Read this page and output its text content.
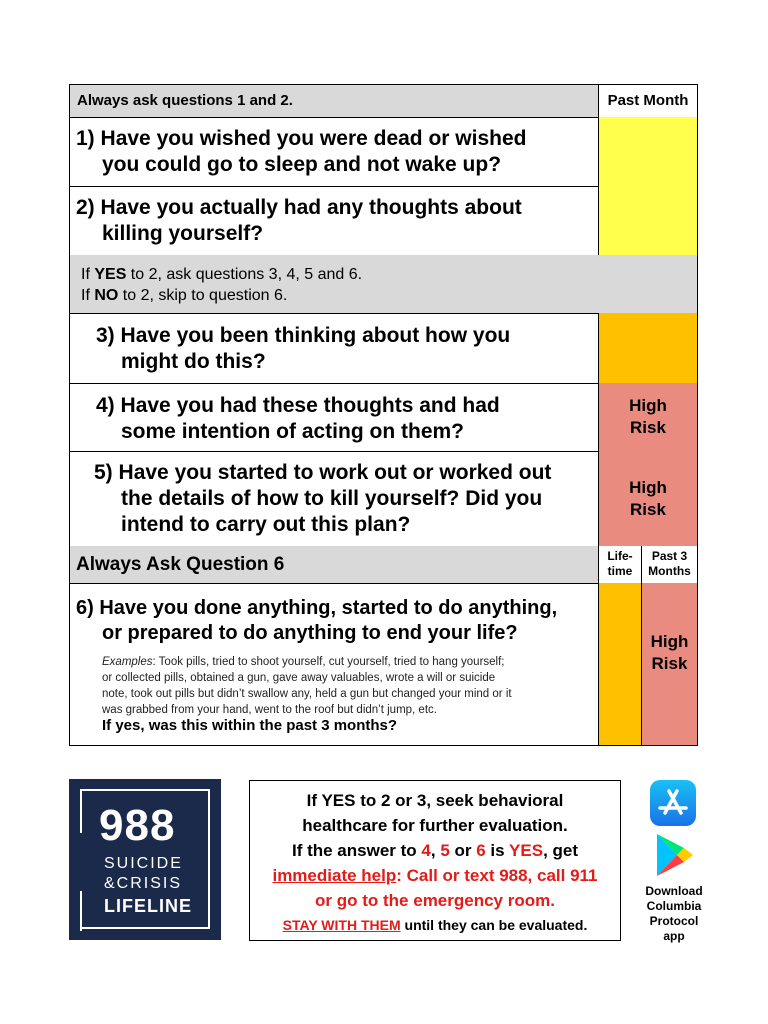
Always ask questions 1 and 2.	Past Month
1) Have you wished you were dead or wished
you could go to sleep and not wake up?
2) Have you actually had any thoughts about
killing yourself?
If YES to 2, ask questions 3, 4, 5 and 6.
If NO to 2, skip to question 6.
3) Have you been thinking about how you
might do this?
High
Risk
4) Have you had these thoughts and had
some intention of acting on them?
High
Risk
5) Have you started to work out or worked out
the details of how to kill yourself? Did you
intend to carry out this plan?
Always Ask Question 6	Life-
time
Past 3
Months
High
Risk
6) Have you done anything, started to do anything,
or prepared to do anything to end your life?
Examples: Took pills, tried to shoot yourself, cut yourself, tried to hang yourself;
or collected pills, obtained a gun, gave away valuables, wrote a will or suicide
note, took out pills but didn’t swallow any, held a gun but changed your mind or it
was grabbed from your hand, went to the roof but didn’t jump, etc.
If yes, was this within the past 3 months?
988
SUICIDE
&CRISIS
LIFELINE
If YES to 2 or 3, seek behavioral
healthcare for further evaluation.
If the answer to 4, 5 or 6 is YES, get
immediate help: Call or text 988, call 911
or go to the emergency room.
STAY WITH THEM until they can be evaluated.
Download
Columbia
Protocol
app
